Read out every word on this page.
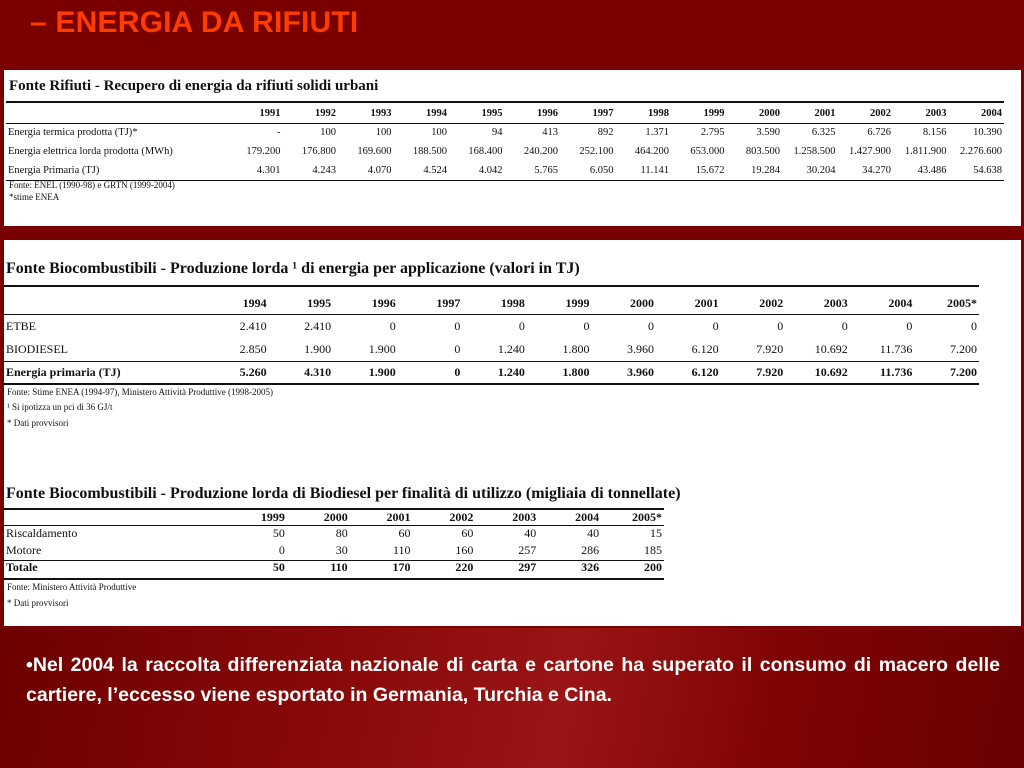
– ENERGIA DA RIFIUTI

Fonte Rifiuti - Recupero di energia da rifiuti solidi urbani

	1991	1992	1993	1994	1995	1996	1997	1998	1999	2000	2001	2002	2003	2004
Energia termica prodotta (TJ)*	-	100	100	100	94	413	892	1.371	2.795	3.590	6.325	6.726	8.156	10.390
Energia elettrica lorda prodotta (MWh)	179.200	176.800	169.600	188.500	168.400	240.200	252.100	464.200	653.000	803.500	1.258.500	1.427.900	1.811.900	2.276.600
Energia Primaria (TJ)	4.301	4.243	4.070	4.524	4.042	5.765	6.050	11.141	15.672	19.284	30.204	34.270	43.486	54.638

Fonte: ENEL (1990-98) e GRTN (1999-2004)

*stime ENEA

Fonte Biocombustibili - Produzione lorda ¹ di energia per applicazione (valori in TJ)

	1994	1995	1996	1997	1998	1999	2000	2001	2002	2003	2004	2005*
ETBE	2.410	2.410	0	0	0	0	0	0	0	0	0	0
BIODIESEL	2.850	1.900	1.900	0	1.240	1.800	3.960	6.120	7.920	10.692	11.736	7.200
Energia primaria (TJ)	5.260	4.310	1.900	0	1.240	1.800	3.960	6.120	7.920	10.692	11.736	7.200

Fonte: Stime ENEA (1994-97), Ministero Attività Produttive (1998-2005)

¹ Si ipotizza un pci di 36 GJ/t

* Dati provvisori

Fonte Biocombustibili - Produzione lorda di Biodiesel per finalità di utilizzo (migliaia di tonnellate)

	1999	2000	2001	2002	2003	2004	2005*
Riscaldamento	50	80	60	60	40	40	15
Motore	0	30	110	160	257	286	185
Totale	50	110	170	220	297	326	200

Fonte: Ministero Attività Produttive

* Dati provvisori

•Nel 2004 la raccolta differenziata nazionale di carta e cartone ha superato il consumo di macero delle cartiere, l’eccesso viene esportato in Germania, Turchia e Cina.
